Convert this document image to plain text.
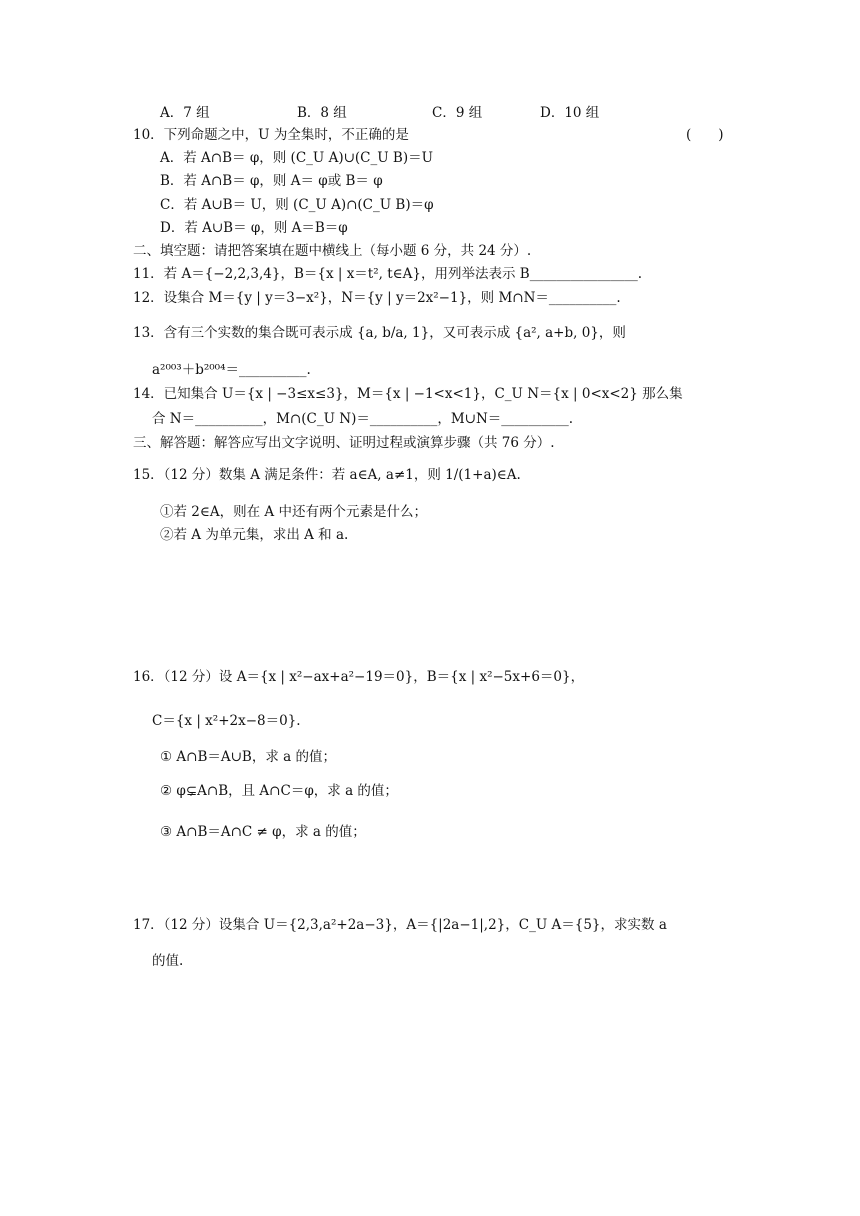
A．7 组	B．8 组	C．9 组	D．10 组
10．下列命题之中，U 为全集时，不正确的是	(　　)
A．若 A∩B＝ φ，则 (C_U A)∪(C_U B)＝U
B．若 A∩B＝ φ，则 A＝ φ或 B＝ φ
C．若 A∪B＝ U，则 (C_U A)∩(C_U B)＝φ
D．若 A∪B＝ φ，则 A＝B＝φ
二、填空题：请把答案填在题中横线上（每小题 6 分，共 24 分）.
11．若 A＝{−2,2,3,4}，B＝{x | x＝t², t∈A}，用列举法表示 B________________.
12．设集合 M＝{y | y＝3−x²}，N＝{y | y＝2x²−1}，则 M∩N＝__________.
13．含有三个实数的集合既可表示成 {a, b/a, 1}，又可表示成 {a², a+b, 0}，则
a²⁰⁰³＋b²⁰⁰⁴＝__________.
14．已知集合 U＝{x | −3≤x≤3}，M＝{x | −1<x<1}，C_U N＝{x | 0<x<2} 那么集
合 N＝__________，M∩(C_U N)＝__________，M∪N＝__________.
三、解答题：解答应写出文字说明、证明过程或演算步骤（共 76 分）.
15．（12 分）数集 A 满足条件：若 a∈A, a≠1，则 1/(1+a)∈A.
①若 2∈A，则在 A 中还有两个元素是什么；
②若 A 为单元集，求出 A 和 a.
16．（12 分）设 A＝{x | x²−ax+a²−19＝0}，B＝{x | x²−5x+6＝0}，
C＝{x | x²+2x−8＝0}.
① A∩B＝A∪B，求 a 的值；
② φ⊊A∩B，且 A∩C＝φ，求 a 的值；
③ A∩B＝A∩C ≠ φ，求 a 的值；
17．（12 分）设集合 U＝{2,3,a²+2a−3}，A＝{|2a−1|,2}，C_U A＝{5}，求实数 a
的值.
